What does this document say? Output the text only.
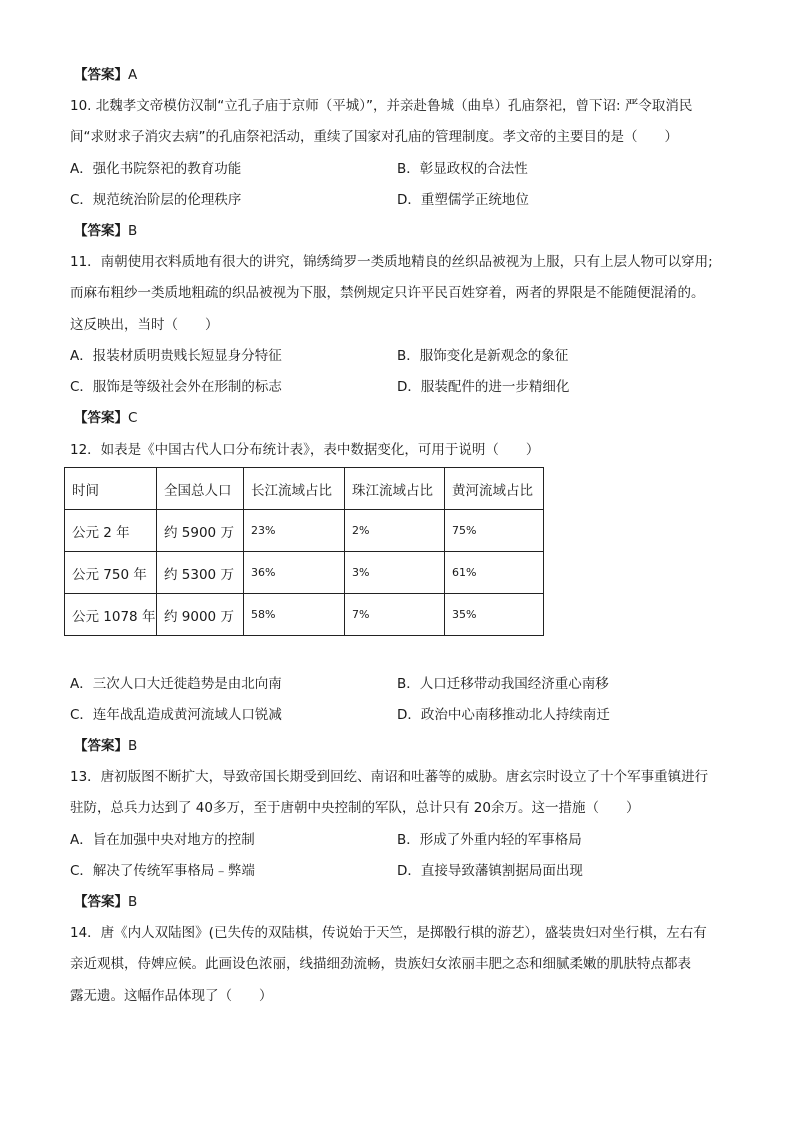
【答案】A
10. 北魏孝文帝模仿汉制“立孔子庙于京师（平城）”，并亲赴鲁城（曲阜）孔庙祭祀，曾下诏: 严令取消民
间“求财求子消灾去病”的孔庙祭祀活动，重续了国家对孔庙的管理制度。孝文帝的主要目的是（　　）
A．强化书院祭祀的教育功能	B．彰显政权的合法性
C．规范统治阶层的伦理秩序	D．重塑儒学正统地位
【答案】B
11．南朝使用衣料质地有很大的讲究，锦绣绮罗一类质地精良的丝织品被视为上服，只有上层人物可以穿用;
而麻布粗纱一类质地粗疏的织品被视为下服，禁例规定只许平民百姓穿着，两者的界限是不能随便混淆的。
这反映出，当时（　　）
A．报装材质明贵贱长短显身分特征	B．服饰变化是新观念的象征
C．服饰是等级社会外在形制的标志	D．服装配件的进一步精细化
【答案】C
12．如表是《中国古代人口分布统计表》，表中数据变化，可用于说明（　　）
时间	全国总人口	长江流域占比	珠江流域占比	黄河流域占比
公元 2 年	约 5900 万	23%	2%	75%
公元 750 年	约 5300 万	36%	3%	61%
公元 1078 年	约 9000 万	58%	7%	35%
A．三次人口大迁徙趋势是由北向南	B．人口迁移带动我国经济重心南移
C．连年战乱造成黄河流域人口锐减	D．政治中心南移推动北人持续南迁
【答案】B
13．唐初版图不断扩大，导致帝国长期受到回纥、南诏和吐蕃等的威胁。唐玄宗时设立了十个军事重镇进行
驻防，总兵力达到了 40多万，至于唐朝中央控制的军队，总计只有 20余万。这一措施（　　）
A．旨在加强中央对地方的控制	B．形成了外重内轻的军事格局
C．解决了传统军事格局﹣弊端	D．直接导致藩镇割据局面出现
【答案】B
14．唐《内人双陆图》(已失传的双陆棋，传说始于天竺，是掷骰行棋的游艺），盛装贵妇对坐行棋，左右有
亲近观棋，侍婢应候。此画设色浓丽，线描细劲流畅，贵族妇女浓丽丰肥之态和细腻柔嫩的肌肤特点都表
露无遗。这幅作品体现了（　　）
